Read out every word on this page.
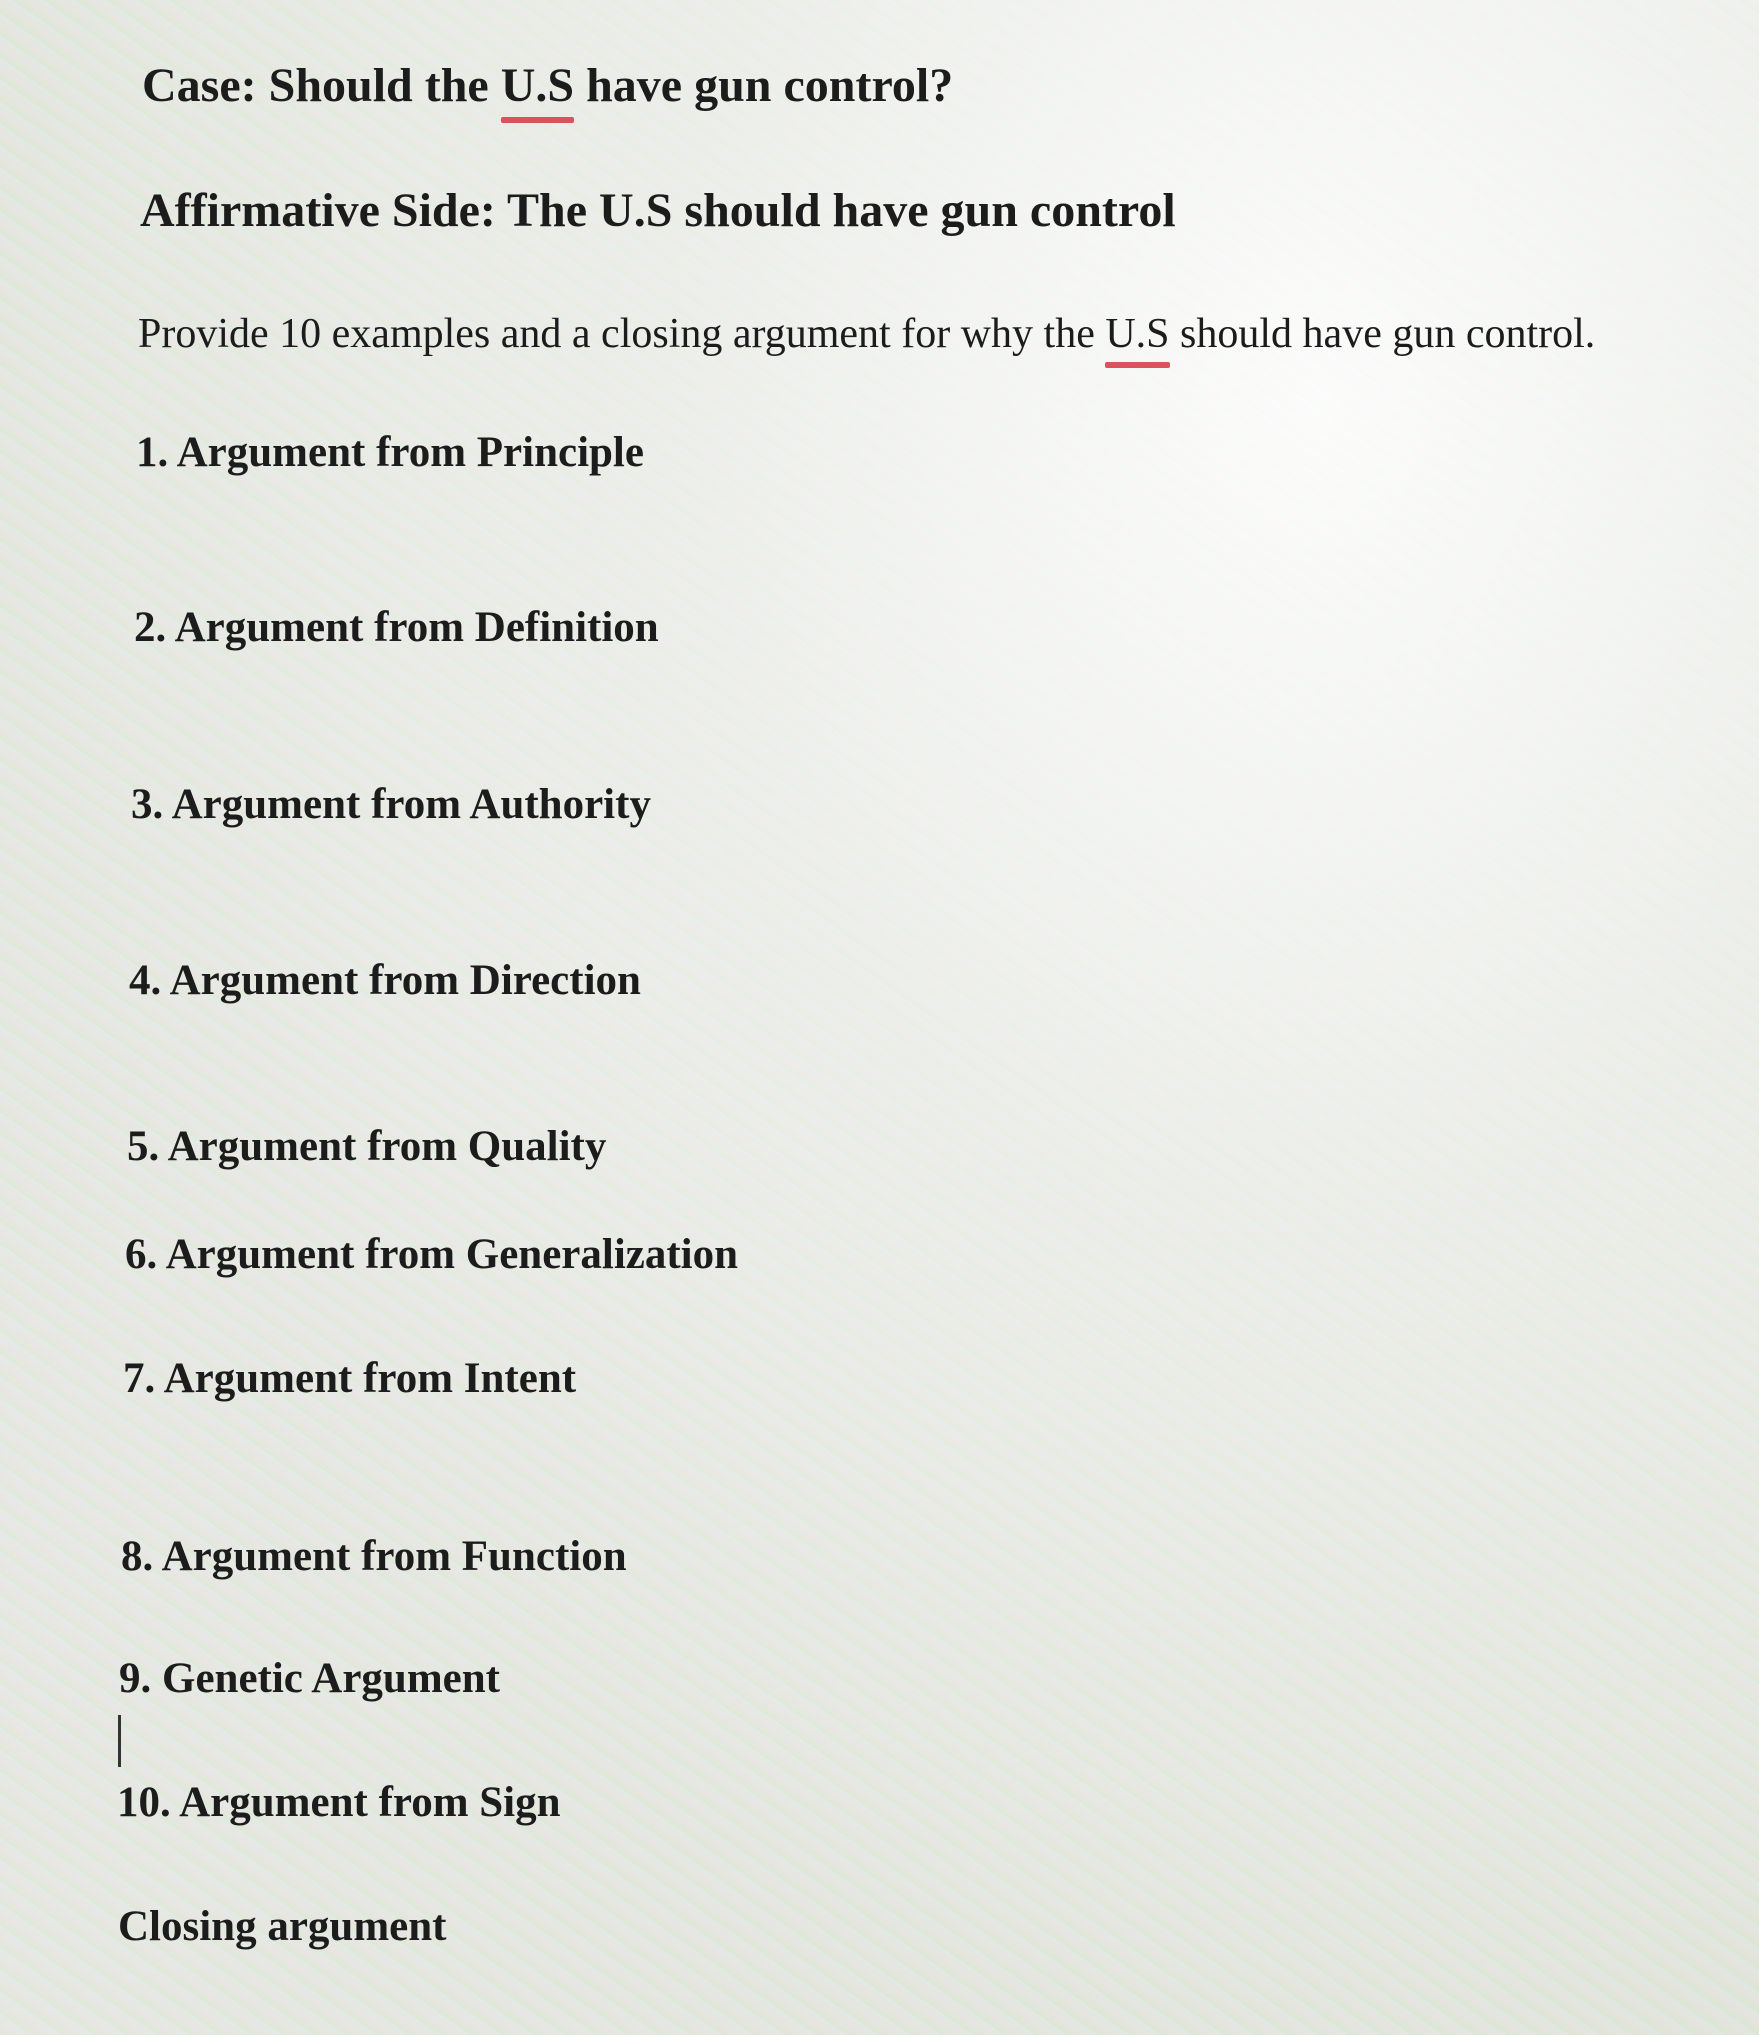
Case: Should the U.S
have gun control?
Affirmative Side: The U.S should have gun control
Provide 10 examples and a closing argument for why the U.S
should have gun control.
1. Argument from Principle
2. Argument from Definition
3. Argument from Authority
4. Argument from Direction
5. Argument from Quality
6. Argument from Generalization
7. Argument from Intent
8. Argument from Function
9. Genetic Argument
10. Argument from Sign
Closing argument
